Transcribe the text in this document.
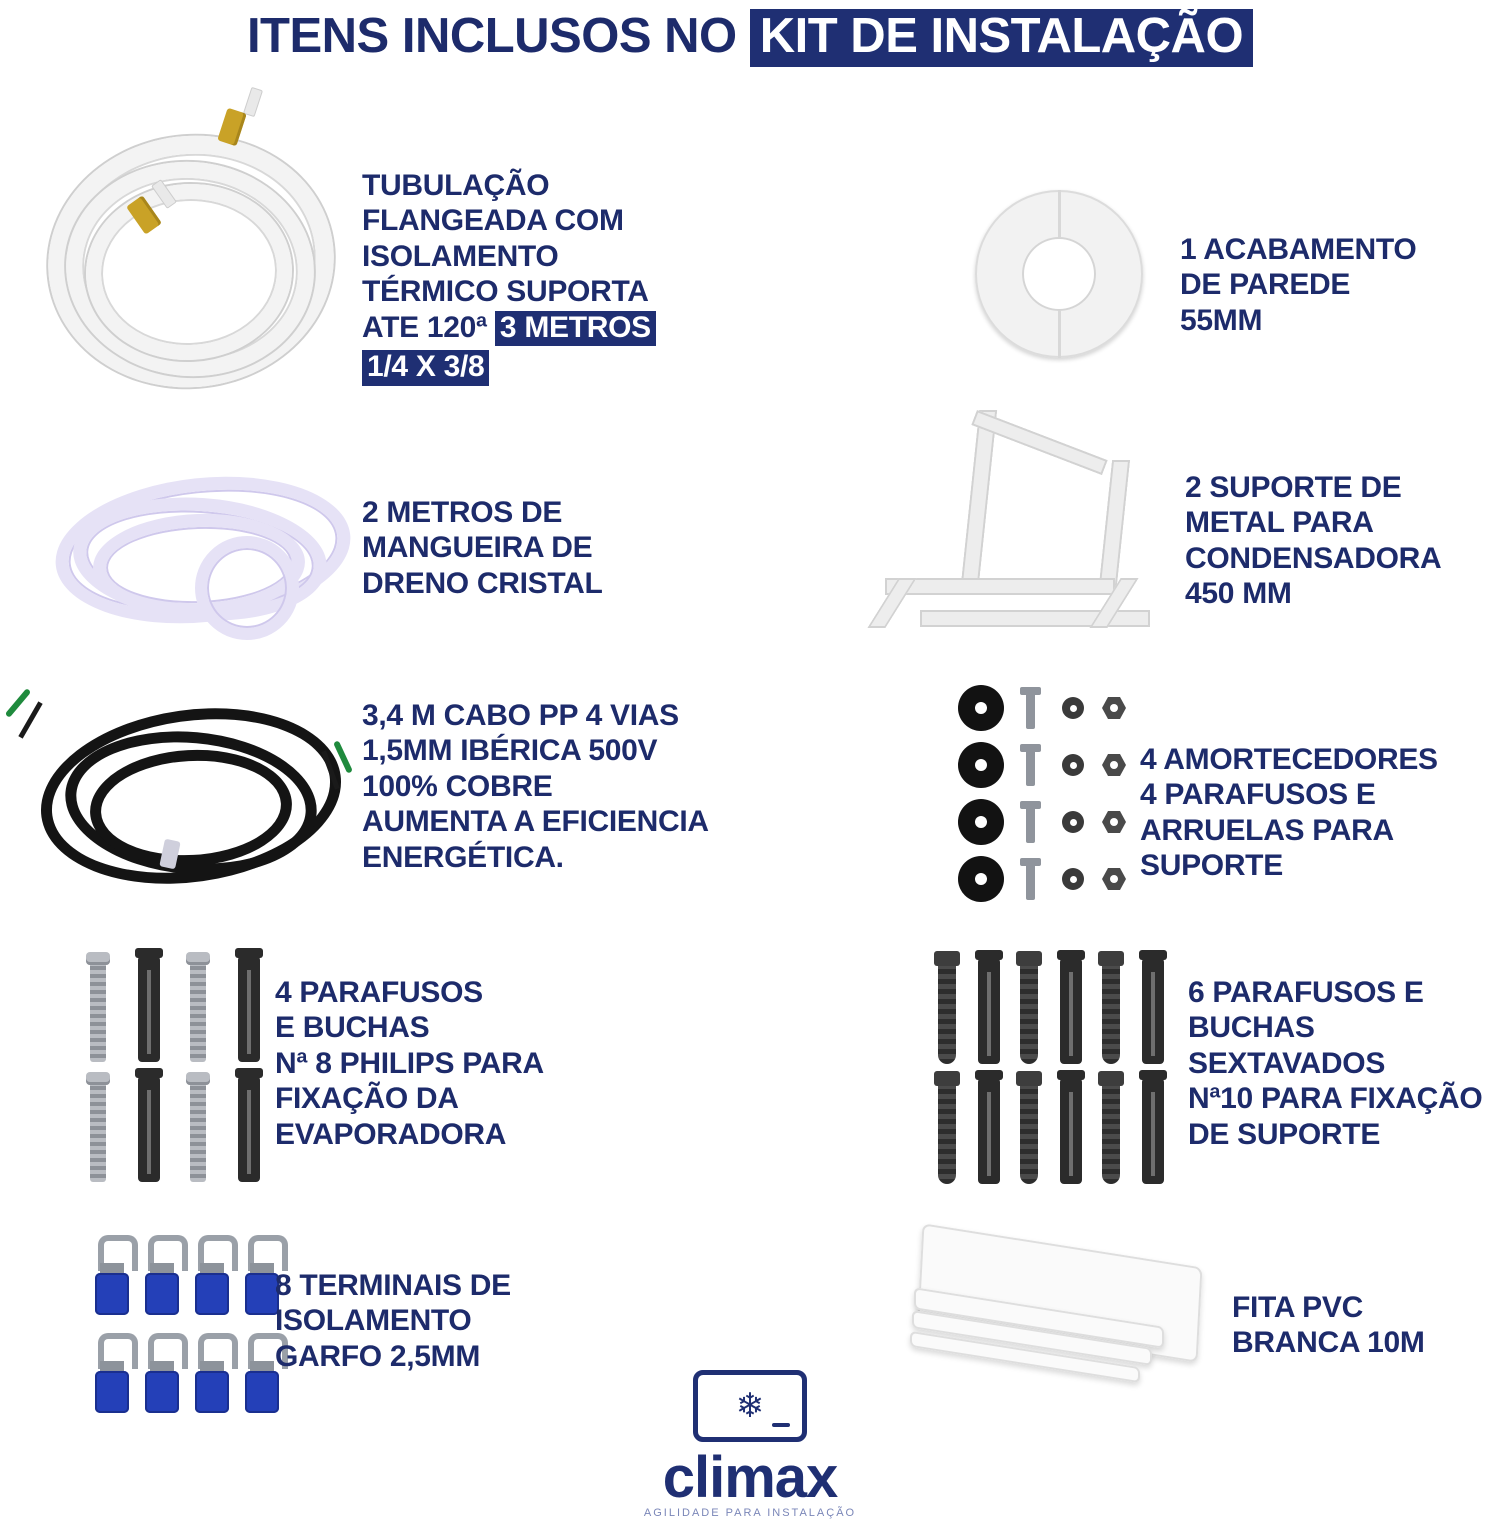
ITENS INCLUSOS NO KIT DE INSTALAÇÃO
TUBULAÇÃO
FLANGEADA COM
ISOLAMENTO
TÉRMICO SUPORTA
ATE 120ª 3 METROS
1/4 X 3/8
1 ACABAMENTO
DE PAREDE
55MM
2 METROS DE
MANGUEIRA DE
DRENO CRISTAL
2 SUPORTE DE
METAL PARA
CONDENSADORA
450 MM
3,4 M CABO PP 4 VIAS
1,5MM IBÉRICA 500V
100% COBRE
AUMENTA A EFICIENCIA
ENERGÉTICA.
4 AMORTECEDORES
4 PARAFUSOS E
ARRUELAS PARA
SUPORTE
4 PARAFUSOS
E BUCHAS
Nª 8 PHILIPS PARA
FIXAÇÃO DA
EVAPORADORA
6 PARAFUSOS E
BUCHAS
SEXTAVADOS
Nª10 PARA FIXAÇÃO
DE SUPORTE
8 TERMINAIS DE
ISOLAMENTO
GARFO 2,5MM
FITA PVC
BRANCA 10M
❄
climax
AGILIDADE PARA INSTALAÇÃO
